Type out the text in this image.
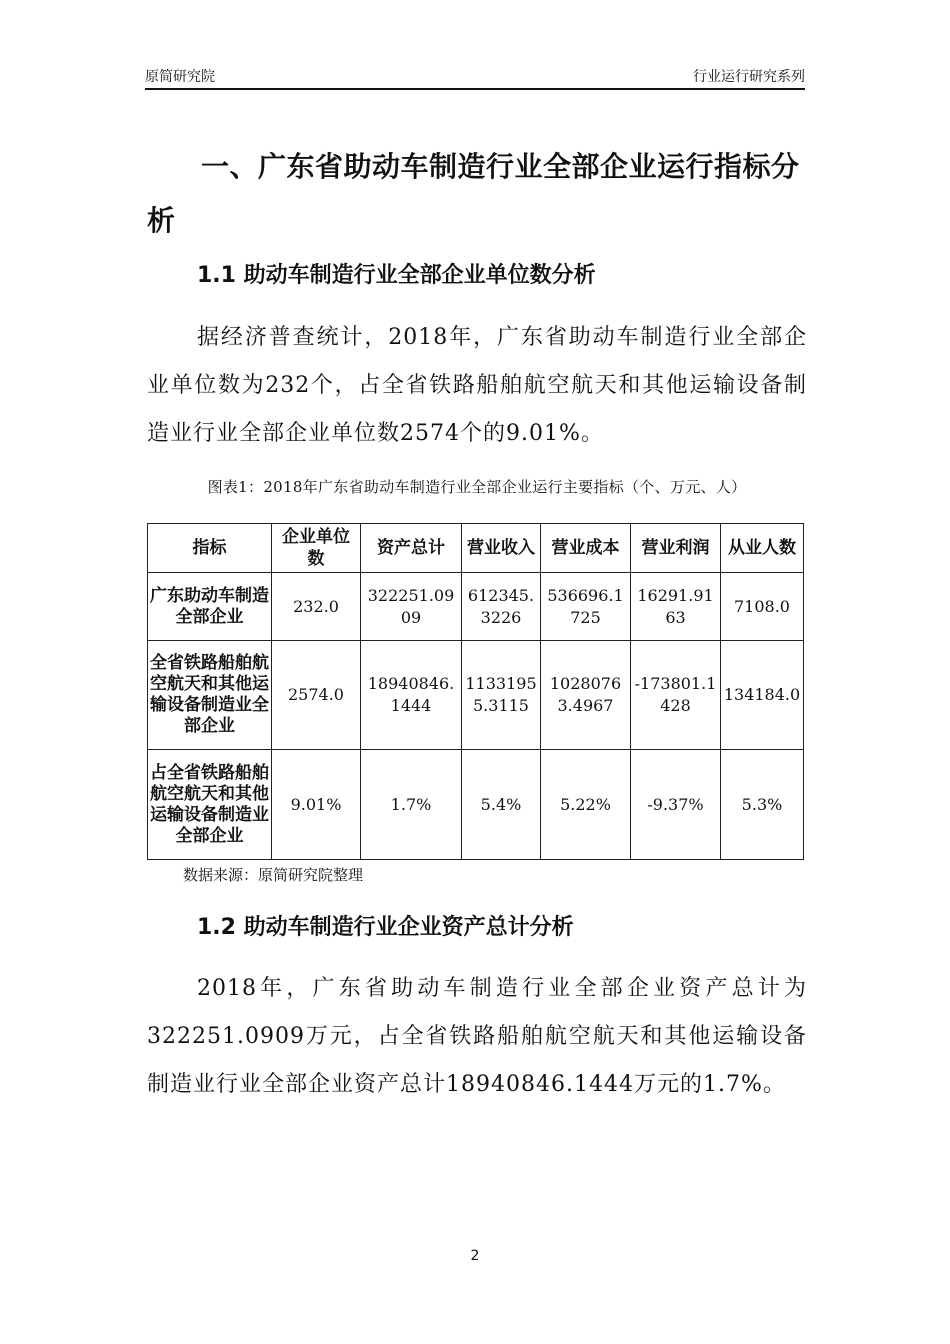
原简研究院	行业运行研究系列
一、广东省助动车制造行业全部企业运行指标分析
1.1 助动车制造行业全部企业单位数分析
据经济普查统计，2018年，广东省助动车制造行业全部企业单位数为232个，占全省铁路船舶航空航天和其他运输设备制造业行业全部企业单位数2574个的9.01%。
图表1：2018年广东省助动车制造行业全部企业运行主要指标（个、万元、人）
指标	企业单位数	资产总计	营业收入	营业成本	营业利润	从业人数
广东助动车制造全部企业	232.0	322251.0909	612345.3226	536696.1725	16291.9163	7108.0
全省铁路船舶航空航天和其他运输设备制造业全部企业	2574.0	18940846.1444	11331955.3115	10280763.4967	-173801.1428	134184.0
占全省铁路船舶航空航天和其他运输设备制造业全部企业	9.01%	1.7%	5.4%	5.22%	-9.37%	5.3%
数据来源：原简研究院整理
1.2 助动车制造行业企业资产总计分析
2018年，广东省助动车制造行业全部企业资产总计为322251.0909万元，占全省铁路船舶航空航天和其他运输设备制造业行业全部企业资产总计18940846.1444万元的1.7%。
2
